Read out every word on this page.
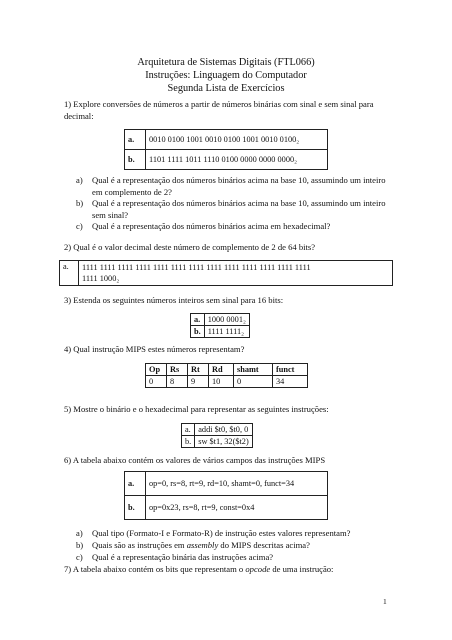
Arquitetura de Sistemas Digitais (FTL066)
Instruções: Linguagem do Computador
Segunda Lista de Exercícios
1) Explore conversões de números a partir de números binárias com sinal e sem sinal para decimal:
a.	0010 0100 1001 0010 0100 1001 0010 0100₂
b.	1101 1111 1011 1110 0100 0000 0000 0000₂
a)	Qual é a representação dos números binários acima na base 10, assumindo um inteiro em complemento de 2?
b)	Qual é a representação dos números binários acima na base 10, assumindo um inteiro sem sinal?
c)	Qual é a representação dos números binários acima em hexadecimal?
2) Qual é o valor decimal deste número de complemento de 2 de 64 bits?
a.	1111 1111 1111 1111 1111 1111 1111 1111 1111 1111 1111 1111 1111
1111 1000₂
3) Estenda os seguintes números inteiros sem sinal para 16 bits:
a.	1000 0001₂
b.	1111 1111₂
4) Qual instrução MIPS estes números representam?
Op	Rs	Rt	Rd	shamt	funct
0	8	9	10	0	34
5) Mostre o binário e o hexadecimal para representar as seguintes instruções:
a.	addi $t0, $t0, 0
b.	sw $t1, 32($t2)
6) A tabela abaixo contém os valores de vários campos das instruções MIPS
a.	op=0, rs=8, rt=9, rd=10, shamt=0, funct=34
b.	op=0x23, rs=8, rt=9, const=0x4
a)	Qual tipo (Formato-I e Formato-R) de instrução estes valores representam?
b)	Quais são as instruções em assembly do MIPS descritas acima?
c)	Qual é a representação binária das instruções acima?
7) A tabela abaixo contém os bits que representam o opcode de uma instrução:
1
